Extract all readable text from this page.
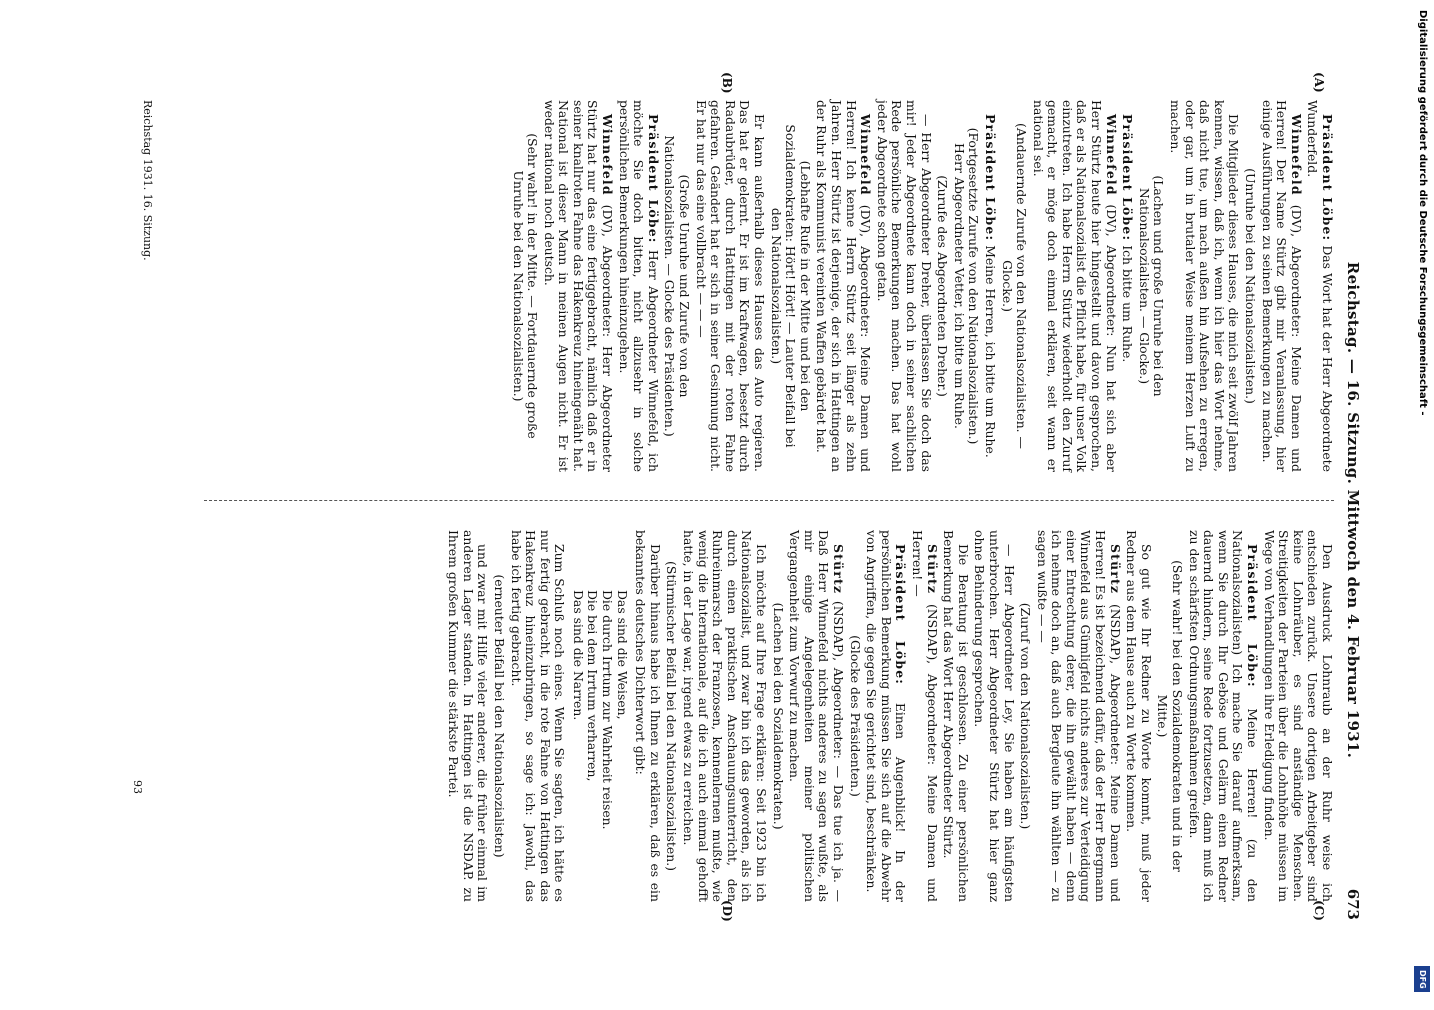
Reichstag. — 16. Sitzung. Mittwoch den 4. Februar 1931.
673
(A)
(B)
(C)
(D)

Präsident Löbe: Das Wort hat der Herr Abgeordnete Wunderfeld.

Winnefeld (DV), Abgeordneter: Meine Damen und Herren! Der Name Stürtz gibt mir Veranlassung, hier einige Ausführungen zu seinen Bemerkungen zu machen.

(Unruhe bei den Nationalsozialisten.)

Die Mitglieder dieses Hauses, die mich seit zwölf Jahren kennen, wissen, daß ich, wenn ich hier das Wort nehme, daß nicht tue, um nach außen hin Aufsehen zu erregen, oder gar, um in brutaler Weise meinem Herzen Luft zu machen.

(Lachen und große Unruhe bei den Nationalsozialisten. — Glocke.)

Präsident Löbe: Ich bitte um Ruhe.

Winnefeld (DV), Abgeordneter: Nun hat sich aber Herr Stürtz heute hier hingestellt und davon gesprochen, daß er als Nationalsozialist die Pflicht habe, für unser Volk einzutreten. Ich habe Herrn Stürtz wiederholt den Zuruf gemacht, er möge doch einmal erklären, seit wann er national sei.

(Andauernde Zurufe von den Nationalsozialisten. — Glocke.)

Präsident Löbe: Meine Herren, ich bitte um Ruhe.

(Fortgesetzte Zurufe von den Nationalsozialisten.) Herr Abgeordneter Vetter, ich bitte um Ruhe.

(Zurufe des Abgeordneten Dreher.)

— Herr Abgeordneter Dreher, überlassen Sie doch das mir! Jeder Abgeordnete kann doch in seiner sachlichen Rede persönliche Bemerkungen machen. Das hat wohl jeder Abgeordnete schon getan.

Winnefeld (DV), Abgeordneter: Meine Damen und Herren! Ich kenne Herrn Stürtz seit länger als zehn Jahren. Herr Stürtz ist derjenige, der sich in Hattingen an der Ruhr als Kommunist vereinten Waffen gebärdet hat.

(Lebhafte Rufe in der Mitte und bei den Sozialdemokraten: Hört! Hört! — Lauter Beifall bei den Nationalsozialisten.)

Er kann außerhalb dieses Hauses das Auto regieren. Das hat er gelernt. Er ist im Kraftwagen, besetzt durch Radaubrüder, durch Hattingen mit der roten Fahne gefahren. Geändert hat er sich in seiner Gesinnung nicht. Er hat nur das eine vollbracht — — —

(Große Unruhe und Zurufe von den Nationalsozialisten. — Glocke des Präsidenten.)

Präsident Löbe: Herr Abgeordneter Winnefeld, ich möchte Sie doch bitten, nicht allzusehr in solche persönlichen Bemerkungen hineinzugehen.

Winnefeld (DV), Abgeordneter: Herr Abgeordneter Stürtz hat nur das eine fertiggebracht, nämlich daß er in seiner knallroten Fahne das Hakenkreuz hineingenäht hat. National ist dieser Mann in meinen Augen nicht. Er ist weder national noch deutsch.

(Sehr wahr! in der Mitte. — Fortdauernde große Unruhe bei den Nationalsozialisten.)

Den Ausdruck Lohnraub an der Ruhr weise ich entschieden zurück. Unsere dortigen Arbeitgeber sind keine Lohnräuber, es sind anständige Menschen. Streitigkeiten der Parteien über die Lohnhöhe müssen im Wege von Verhandlungen ihre Erledigung finden.

Präsident Löbe: Meine Herren! (zu den Nationalsozialisten) Ich mache Sie darauf aufmerksam, wenn Sie durch Ihr Geböse und Gelärm einen Redner dauernd hindern, seine Rede fortzusetzen, dann muß ich zu den schärfsten Ordnungsmaßnahmen greifen.

(Sehr wahr! bei den Sozialdemokraten und in der Mitte.)

So gut wie Ihr Redner zu Worte kommt, muß jeder Redner aus dem Hause auch zu Worte kommen.

Stürtz (NSDAP), Abgeordneter: Meine Damen und Herren! Es ist bezeichnend dafür, daß der Herr Bergmann Winnefeld aus Gümligfeld nichts anderes zur Verteidigung einer Entrechtung derer, die ihn gewählt haben — denn ich nehme doch an, daß auch Bergleute ihn wählten — zu sagen wußte — —

(Zuruf von den Nationalsozialisten.)

— Herr Abgeordneter Ley, Sie haben am häufigsten unterbrochen. Herr Abgeordneter Stürtz hat hier ganz ohne Behinderung gesprochen.

Die Beratung ist geschlossen. Zu einer persönlichen Bemerkung hat das Wort Herr Abgeordneter Stürtz.

Stürtz (NSDAP), Abgeordneter: Meine Damen und Herren! —

Präsident Löbe: Einen Augenblick! In der persönlichen Bemerkung müssen Sie sich auf die Abwehr von Angriffen, die gegen Sie gerichtet sind, beschränken.

(Glocke des Präsidenten.)

Stürtz (NSDAP), Abgeordneter: — Das tue ich ja. — Daß Herr Winnefeld nichts anderes zu sagen wußte, als mir einige Angelegenheiten meiner politischen Vergangenheit zum Vorwurf zu machen.

(Lachen bei den Sozialdemokraten.)

Ich möchte auf Ihre Frage erklären: Seit 1923 bin ich Nationalsozialist, und zwar bin ich das geworden, als ich durch einen praktischen Anschauungsunterricht, den Ruhreinmarsch der Franzosen, kennenlernen mußte, wie wenig die Internationale, auf die ich auch einmal gehofft hatte, in der Lage war, irgend etwas zu erreichen.

(Stürmischer Beifall bei den Nationalsozialisten.)

Darüber hinaus habe ich Ihnen zu erklären, daß es ein bekanntes deutsches Dichterwort gibt:

Das sind die Weisen,
Die durch Irrtum zur Wahrheit reisen.
Die bei dem Irrtum verharren,
Das sind die Narren.

Zum Schluß noch eines. Wenn Sie sagten, ich hätte es nur fertig gebracht, in die rote Fahne von Hattingen das Hakenkreuz hineinzubringen, so sage ich: Jawohl, das habe ich fertig gebracht.

(erneuter Beifall bei den Nationalsozialisten)

und zwar mit Hilfe vieler anderer, die früher einmal im anderen Lager standen. In Hattingen ist die NSDAP. zu Ihrem großen Kummer die stärkste Partei.

Reichstag 1931. 16. Sitzung.
93
Digitalisierung gefördert durch die Deutsche Forschungsgemeinschaft -
DFG
